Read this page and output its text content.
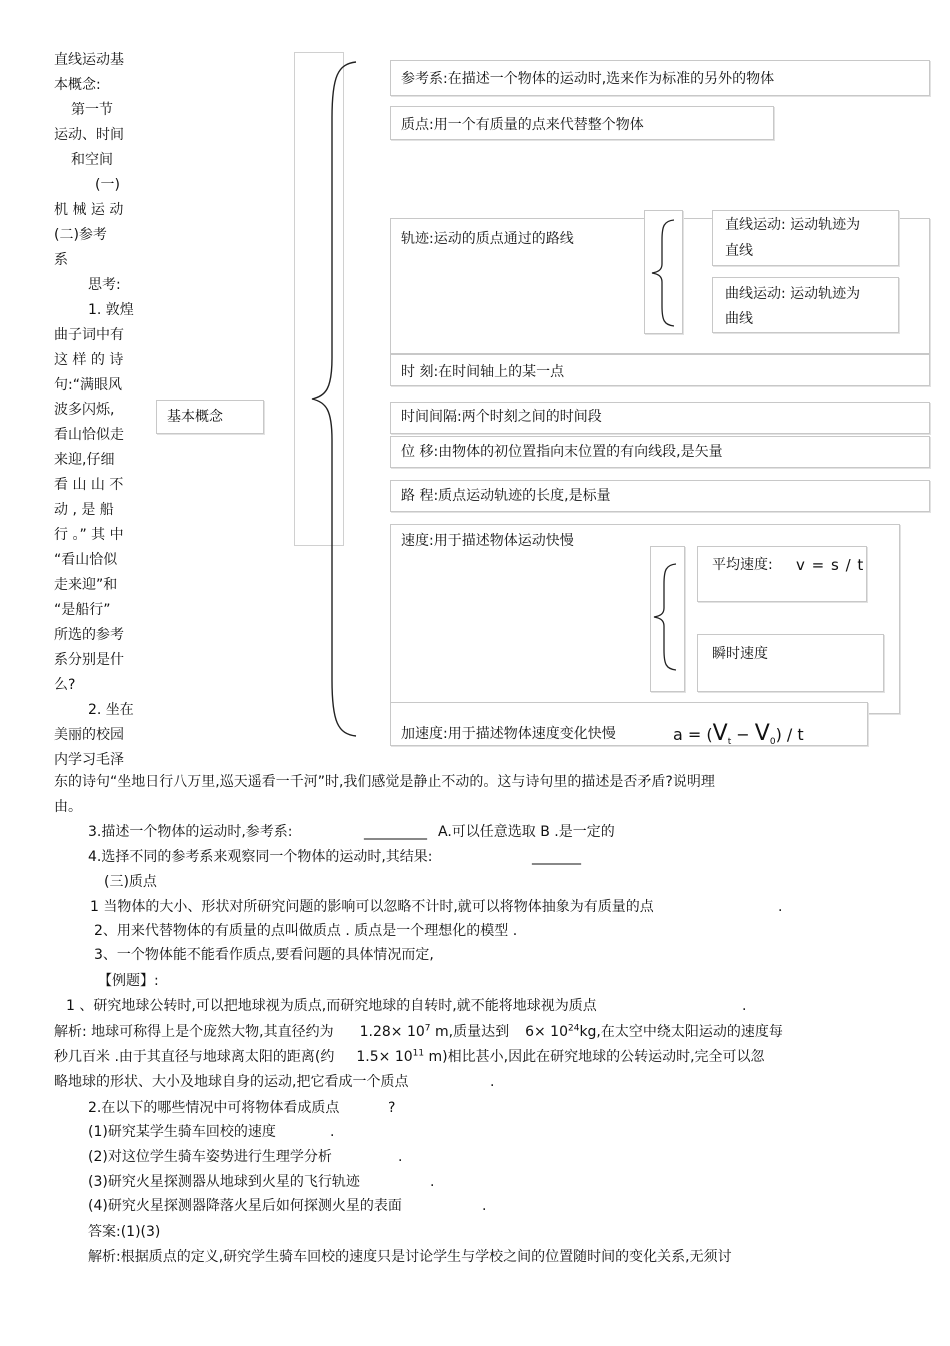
直线运动基
本概念:
第一节
运动、时间
和空间
(一)
机 械 运 动
(二)参考
系
思考:
1. 敦煌
曲子词中有
这 样 的 诗
句:“满眼风
波多闪烁,
看山恰似走
来迎,仔细
看 山 山 不
动 , 是 船
行 。” 其 中
“看山恰似
走来迎”和
“是船行”
所选的参考
系分别是什
么?
2. 坐在
美丽的校园
内学习毛泽
基本概念
参考系:在描述一个物体的运动时,选来作为标准的另外的物体
质点:用一个有质量的点来代替整个物体
轨迹:运动的质点通过的路线
直线运动: 运动轨迹为
直线
曲线运动: 运动轨迹为
曲线
时 刻:在时间轴上的某一点
时间间隔:两个时刻之间的时间段
位 移:由物体的初位置指向末位置的有向线段,是矢量
路 程:质点运动轨迹的长度,是标量
速度:用于描述物体运动快慢
平均速度: v = s / t
瞬时速度
加速度:用于描述物体速度变化快慢	$a = (V_t - V_0) / t$
东的诗句“坐地日行八万里,巡天遥看一千河”时,我们感觉是静止不动的。这与诗句里的描述是否矛盾?说明理
由。
3.描述一个物体的运动时,参考系:	_________ A.可以任意选取 B .是一定的
4.选择不同的参考系来观察同一个物体的运动时,其结果:	_______
(三)质点
1 当物体的大小、形状对所研究问题的影响可以忽略不计时,就可以将物体抽象为有质量的点	.
2、用来代替物体的有质量的点叫做质点 . 质点是一个理想化的模型 .
3、一个物体能不能看作质点,要看问题的具体情况而定,
【例题】:
1 、研究地球公转时,可以把地球视为质点,而研究地球的自转时,就不能将地球视为质点	.
解析: 地球可称得上是个庞然大物,其直径约为 $1.28\times 10^7$ m,质量达到 $6\times 10^{24}kg$,在太空中绕太阳运动的速度每
秒几百米 .由于其直径与地球离太阳的距离(约 $1.5\times 10^{11}$ m)相比甚小,因此在研究地球的公转运动时,完全可以忽
略地球的形状、大小及地球自身的运动,把它看成一个质点	.
2.在以下的哪些情况中可将物体看成质点	?
(1)研究某学生骑车回校的速度	.
(2)对这位学生骑车姿势进行生理学分析	.
(3)研究火星探测器从地球到火星的飞行轨迹	.
(4)研究火星探测器降落火星后如何探测火星的表面	.
答案:(1)(3)
解析:根据质点的定义,研究学生骑车回校的速度只是讨论学生与学校之间的位置随时间的变化关系,无须讨
